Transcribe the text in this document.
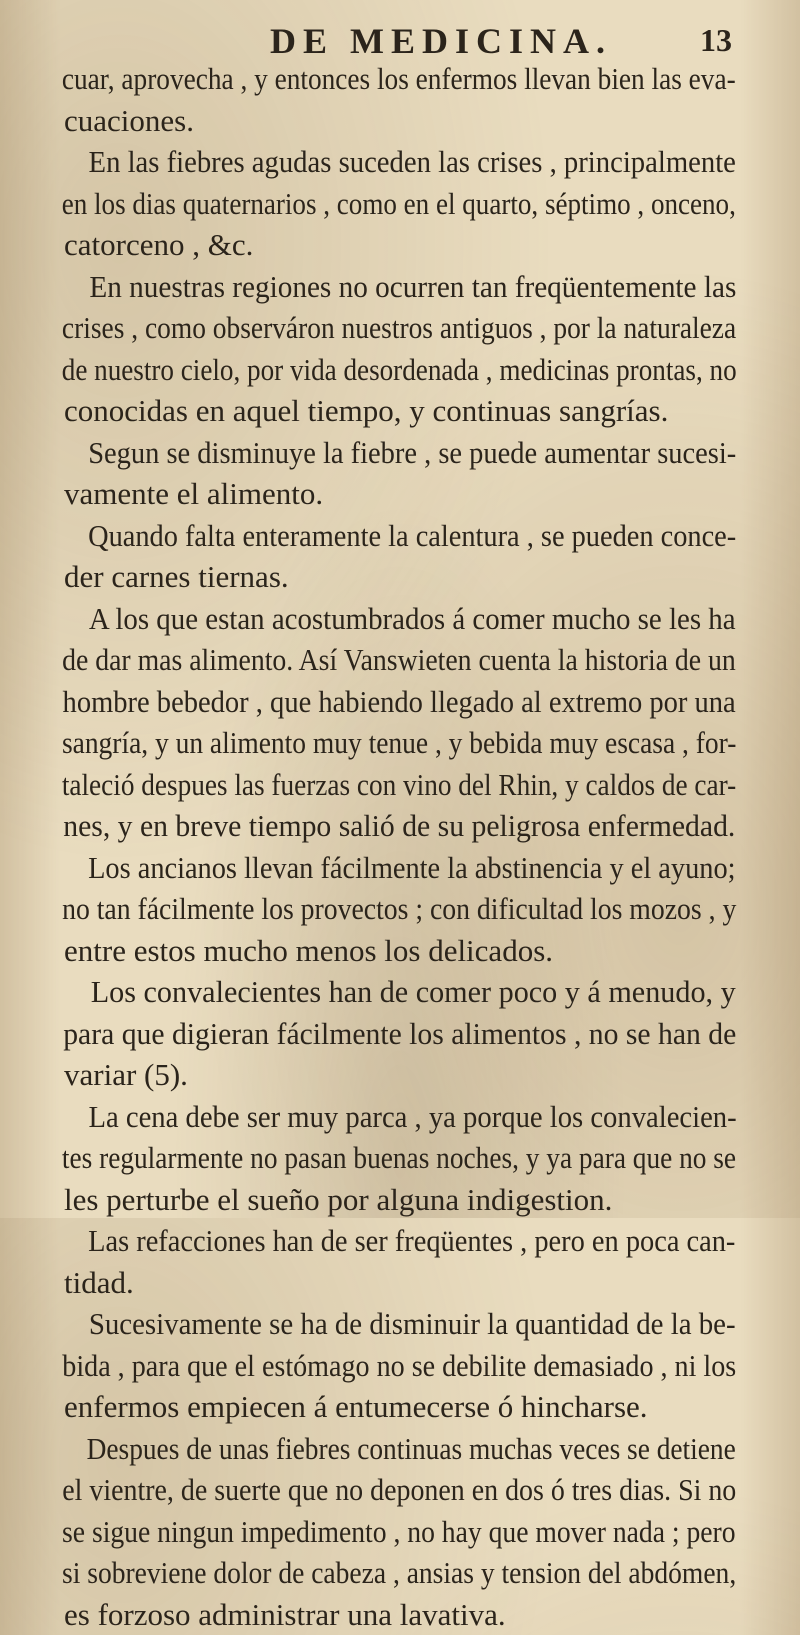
DE MEDICINA.	13
cuar, aprovecha , y entonces los enfermos llevan bien las eva-
cuaciones.
En las fiebres agudas suceden las crises , principalmente
en los dias quaternarios , como en el quarto, séptimo , onceno,
catorceno , &c.
En nuestras regiones no ocurren tan freqüentemente las
crises , como observáron nuestros antiguos , por la naturaleza
de nuestro cielo, por vida desordenada , medicinas prontas, no
conocidas en aquel tiempo, y continuas sangrías.
Segun se disminuye la fiebre , se puede aumentar sucesi-
vamente el alimento.
Quando falta enteramente la calentura , se pueden conce-
der carnes tiernas.
A los que estan acostumbrados á comer mucho se les ha
de dar mas alimento. Así Vanswieten cuenta la historia de un
hombre bebedor , que habiendo llegado al extremo por una
sangría, y un alimento muy tenue , y bebida muy escasa , for-
taleció despues las fuerzas con vino del Rhin, y caldos de car-
nes, y en breve tiempo salió de su peligrosa enfermedad.
Los ancianos llevan fácilmente la abstinencia y el ayuno;
no tan fácilmente los provectos ; con dificultad los mozos , y
entre estos mucho menos los delicados.
Los convalecientes han de comer poco y á menudo, y
para que digieran fácilmente los alimentos , no se han de
variar (5).
La cena debe ser muy parca , ya porque los convalecien-
tes regularmente no pasan buenas noches, y ya para que no se
les perturbe el sueño por alguna indigestion.
Las refacciones han de ser freqüentes , pero en poca can-
tidad.
Sucesivamente se ha de disminuir la quantidad de la be-
bida , para que el estómago no se debilite demasiado , ni los
enfermos empiecen á entumecerse ó hincharse.
Despues de unas fiebres continuas muchas veces se detiene
el vientre, de suerte que no deponen en dos ó tres dias. Si no
se sigue ningun impedimento , no hay que mover nada ; pero
si sobreviene dolor de cabeza , ansias y tension del abdómen,
es forzoso administrar una lavativa.
